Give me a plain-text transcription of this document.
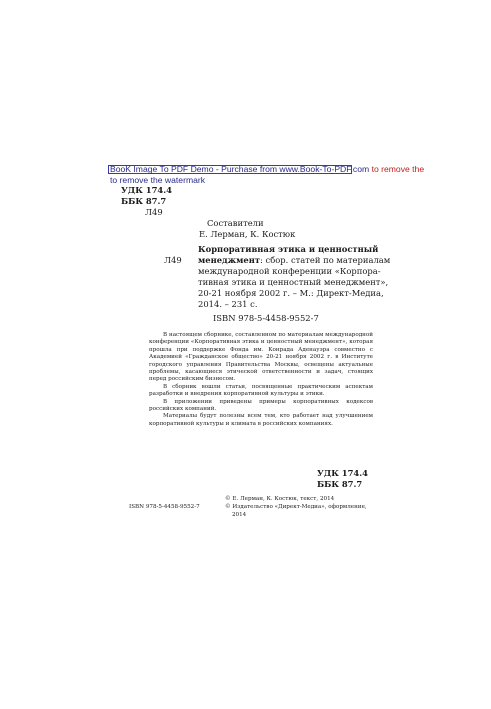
BooK Image To PDF Demo - Purchase from www.Book-To-PDF.com to remove the
to remove the watermark
УДК 174.4
ББК 87.7
Л49
Составители
Е. Лерман, К. Костюк
Корпоративная этика и ценностный
Л49 менеджмент: сбор. статей по материалам
международной конференции «Корпора-
тивная этика и ценностный менеджмент»,
20-21 ноября 2002 г. – М.: Директ-Медиа,
2014. – 231 с.
ISBN 978-5-4458-9552-7

В настоящем сборнике, составленном по материалам международной конференции «Корпоративная этика и ценностный менеджмент», которая прошла при поддержке Фонда им. Конрада Аденауэра совместно с Академией «Гражданское общество» 20-21 ноября 2002 г. в Институте городского управления Правительства Москвы, освещены актуальные проблемы, касающиеся этической ответственности и задач, стоящих перед российским бизнесом.

В сборник вошли статьи, посвященные практическим аспектам разработки и внедрения корпоративной культуры и этики.

В приложении приведены примеры корпоративных кодексов российских компаний.

Материалы будут полезны всем тем, кто работает над улучшением корпоративной культуры и климата в российских компаниях.

УДК 174.4
ББК 87.7
ISBN 978-5-4458-9552-7
© Е. Лерман, К. Костюк, текст, 2014
© Издательство «Директ-Медиа», оформление,
2014
